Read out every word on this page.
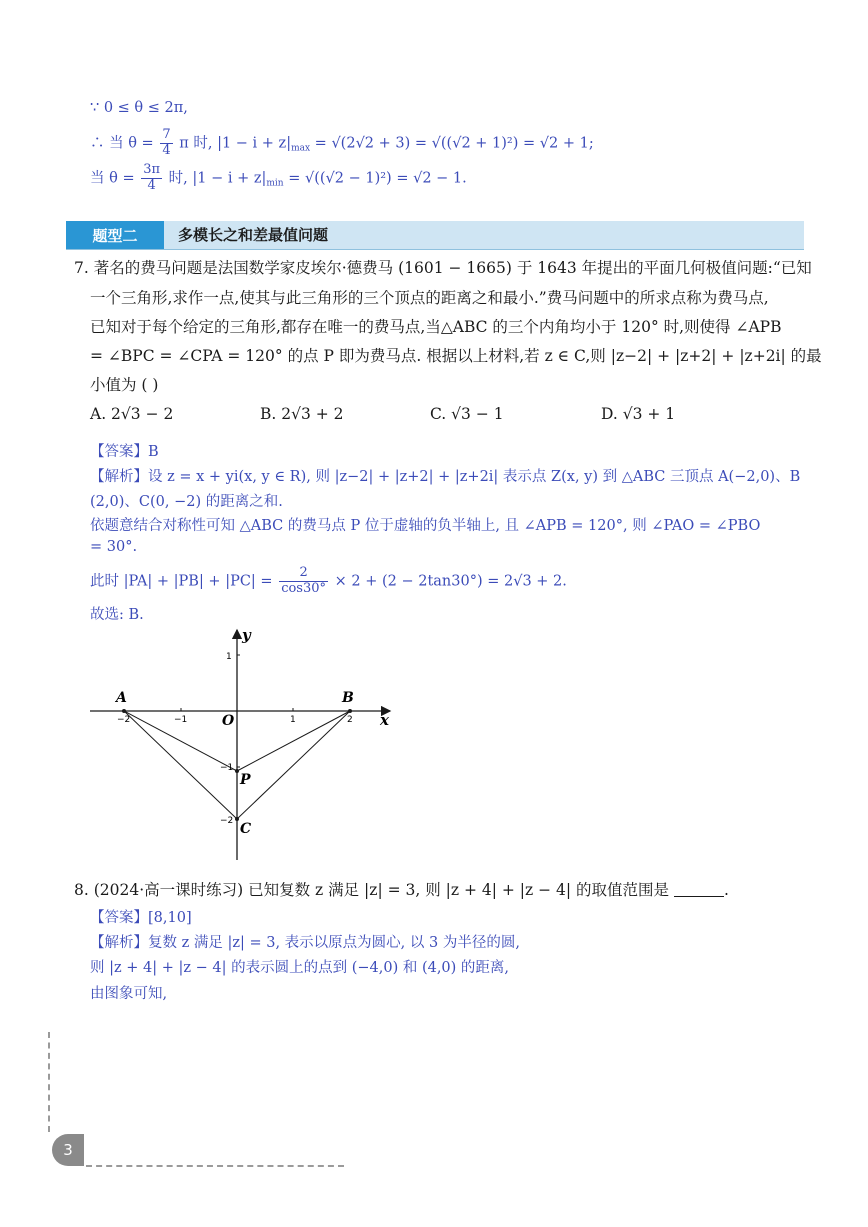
∵ 0 ≤ θ ≤ 2π,
∴ 当 $\theta = \frac{7}{4}$ π 时, $|1 - i + z|_{max} = √(2√2 + 3) = √((√2 + 1)^2) = √2 + 1$;
当 $\theta = \frac{3\pi}{4}$ 时, $|1 - i + z|_{min} = √((√2 - 1)^2) = √2 - 1$.
题型二	多模长之和差最值问题
7. 著名的费马问题是法国数学家皮埃尔·德费马 (1601 − 1665) 于 1643 年提出的平面几何极值问题:“已知
一个三角形,求作一点,使其与此三角形的三个顶点的距离之和最小.”费马问题中的所求点称为费马点,
已知对于每个给定的三角形,都存在唯一的费马点,当△ABC 的三个内角均小于 120° 时,则使得 ∠APB
= ∠BPC = ∠CPA = 120° 的点 P 即为费马点. 根据以上材料,若 z ∈ C,则 |z−2| + |z+2| + |z+2i| 的最
小值为 ( )
A. 2√3 − 2	B. 2√3 + 2	C. √3 − 1	D. √3 + 1
【答案】B
【解析】设 z = x + yi(x, y ∈ R), 则 |z−2| + |z+2| + |z+2i| 表示点 Z(x, y) 到 △ABC 三顶点 A(−2,0)、B
(2,0)、C(0, −2) 的距离之和.
依题意结合对称性可知 △ABC 的费马点 P 位于虚轴的负半轴上, 且 ∠APB = 120°, 则 ∠PAO = ∠PBO
= 30°.
此时 $|PA| + |PB| + |PC| = \frac{2}{\cos 30^\circ} \times 2 + (2 - 2\tan 30^\circ) = 2√3 + 2$.
故选: B.
x
y
O
A	B
P
C
−2	−1	1	2
1
−1
−2
8. (2024·高一课时练习) 已知复数 z 满足 |z| = 3, 则 |z + 4| + |z − 4| 的取值范围是	.
【答案】[8,10]
【解析】复数 z 满足 |z| = 3, 表示以原点为圆心, 以 3 为半径的圆,
则 |z + 4| + |z − 4| 的表示圆上的点到 (−4,0) 和 (4,0) 的距离,
由图象可知,
3
